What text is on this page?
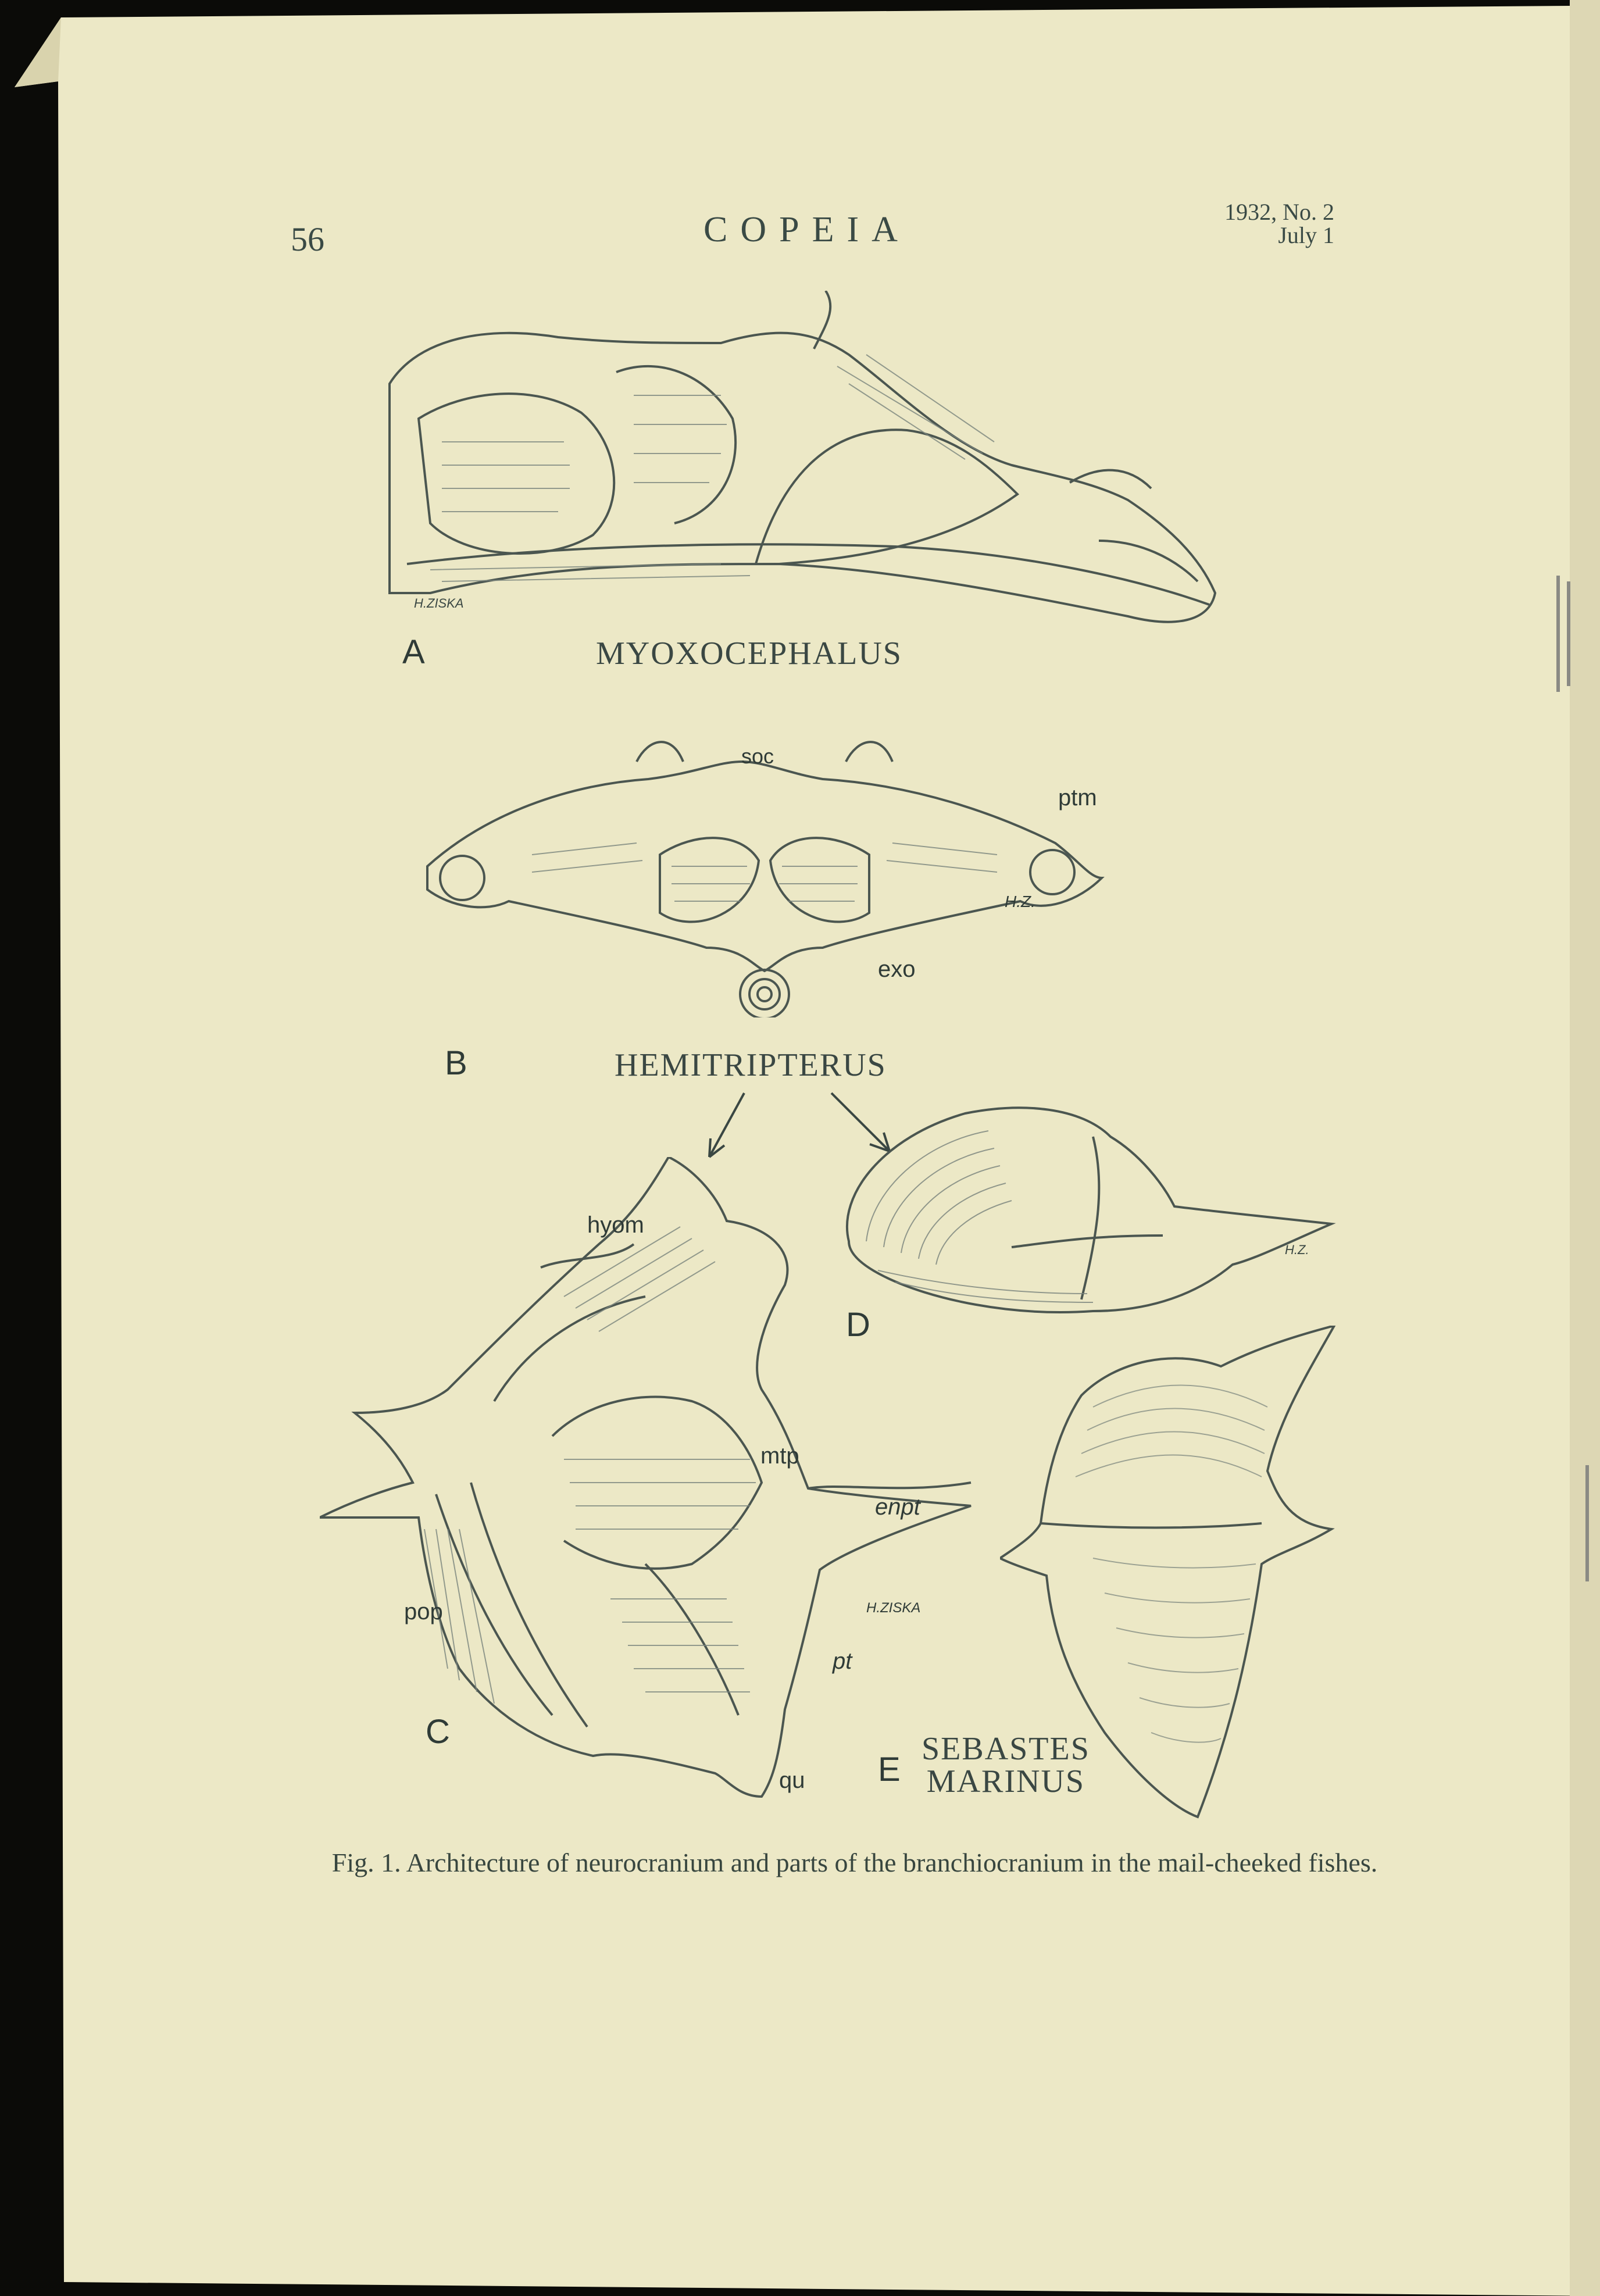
56	COPEIA	1932, No. 2
July 1
H.ZISKA
A	MYOXOCEPHALUS
soc
ptm
exo
H.Z.
B	HEMITRIPTERUS
hyom
mtp
enpt
pop
pt
qu
H.ZISKA
C
H.Z.
D
E
SEBASTES
MARINUS
Fig. 1. Architecture of neurocranium and parts of the branchiocranium in the mail-cheeked fishes.
